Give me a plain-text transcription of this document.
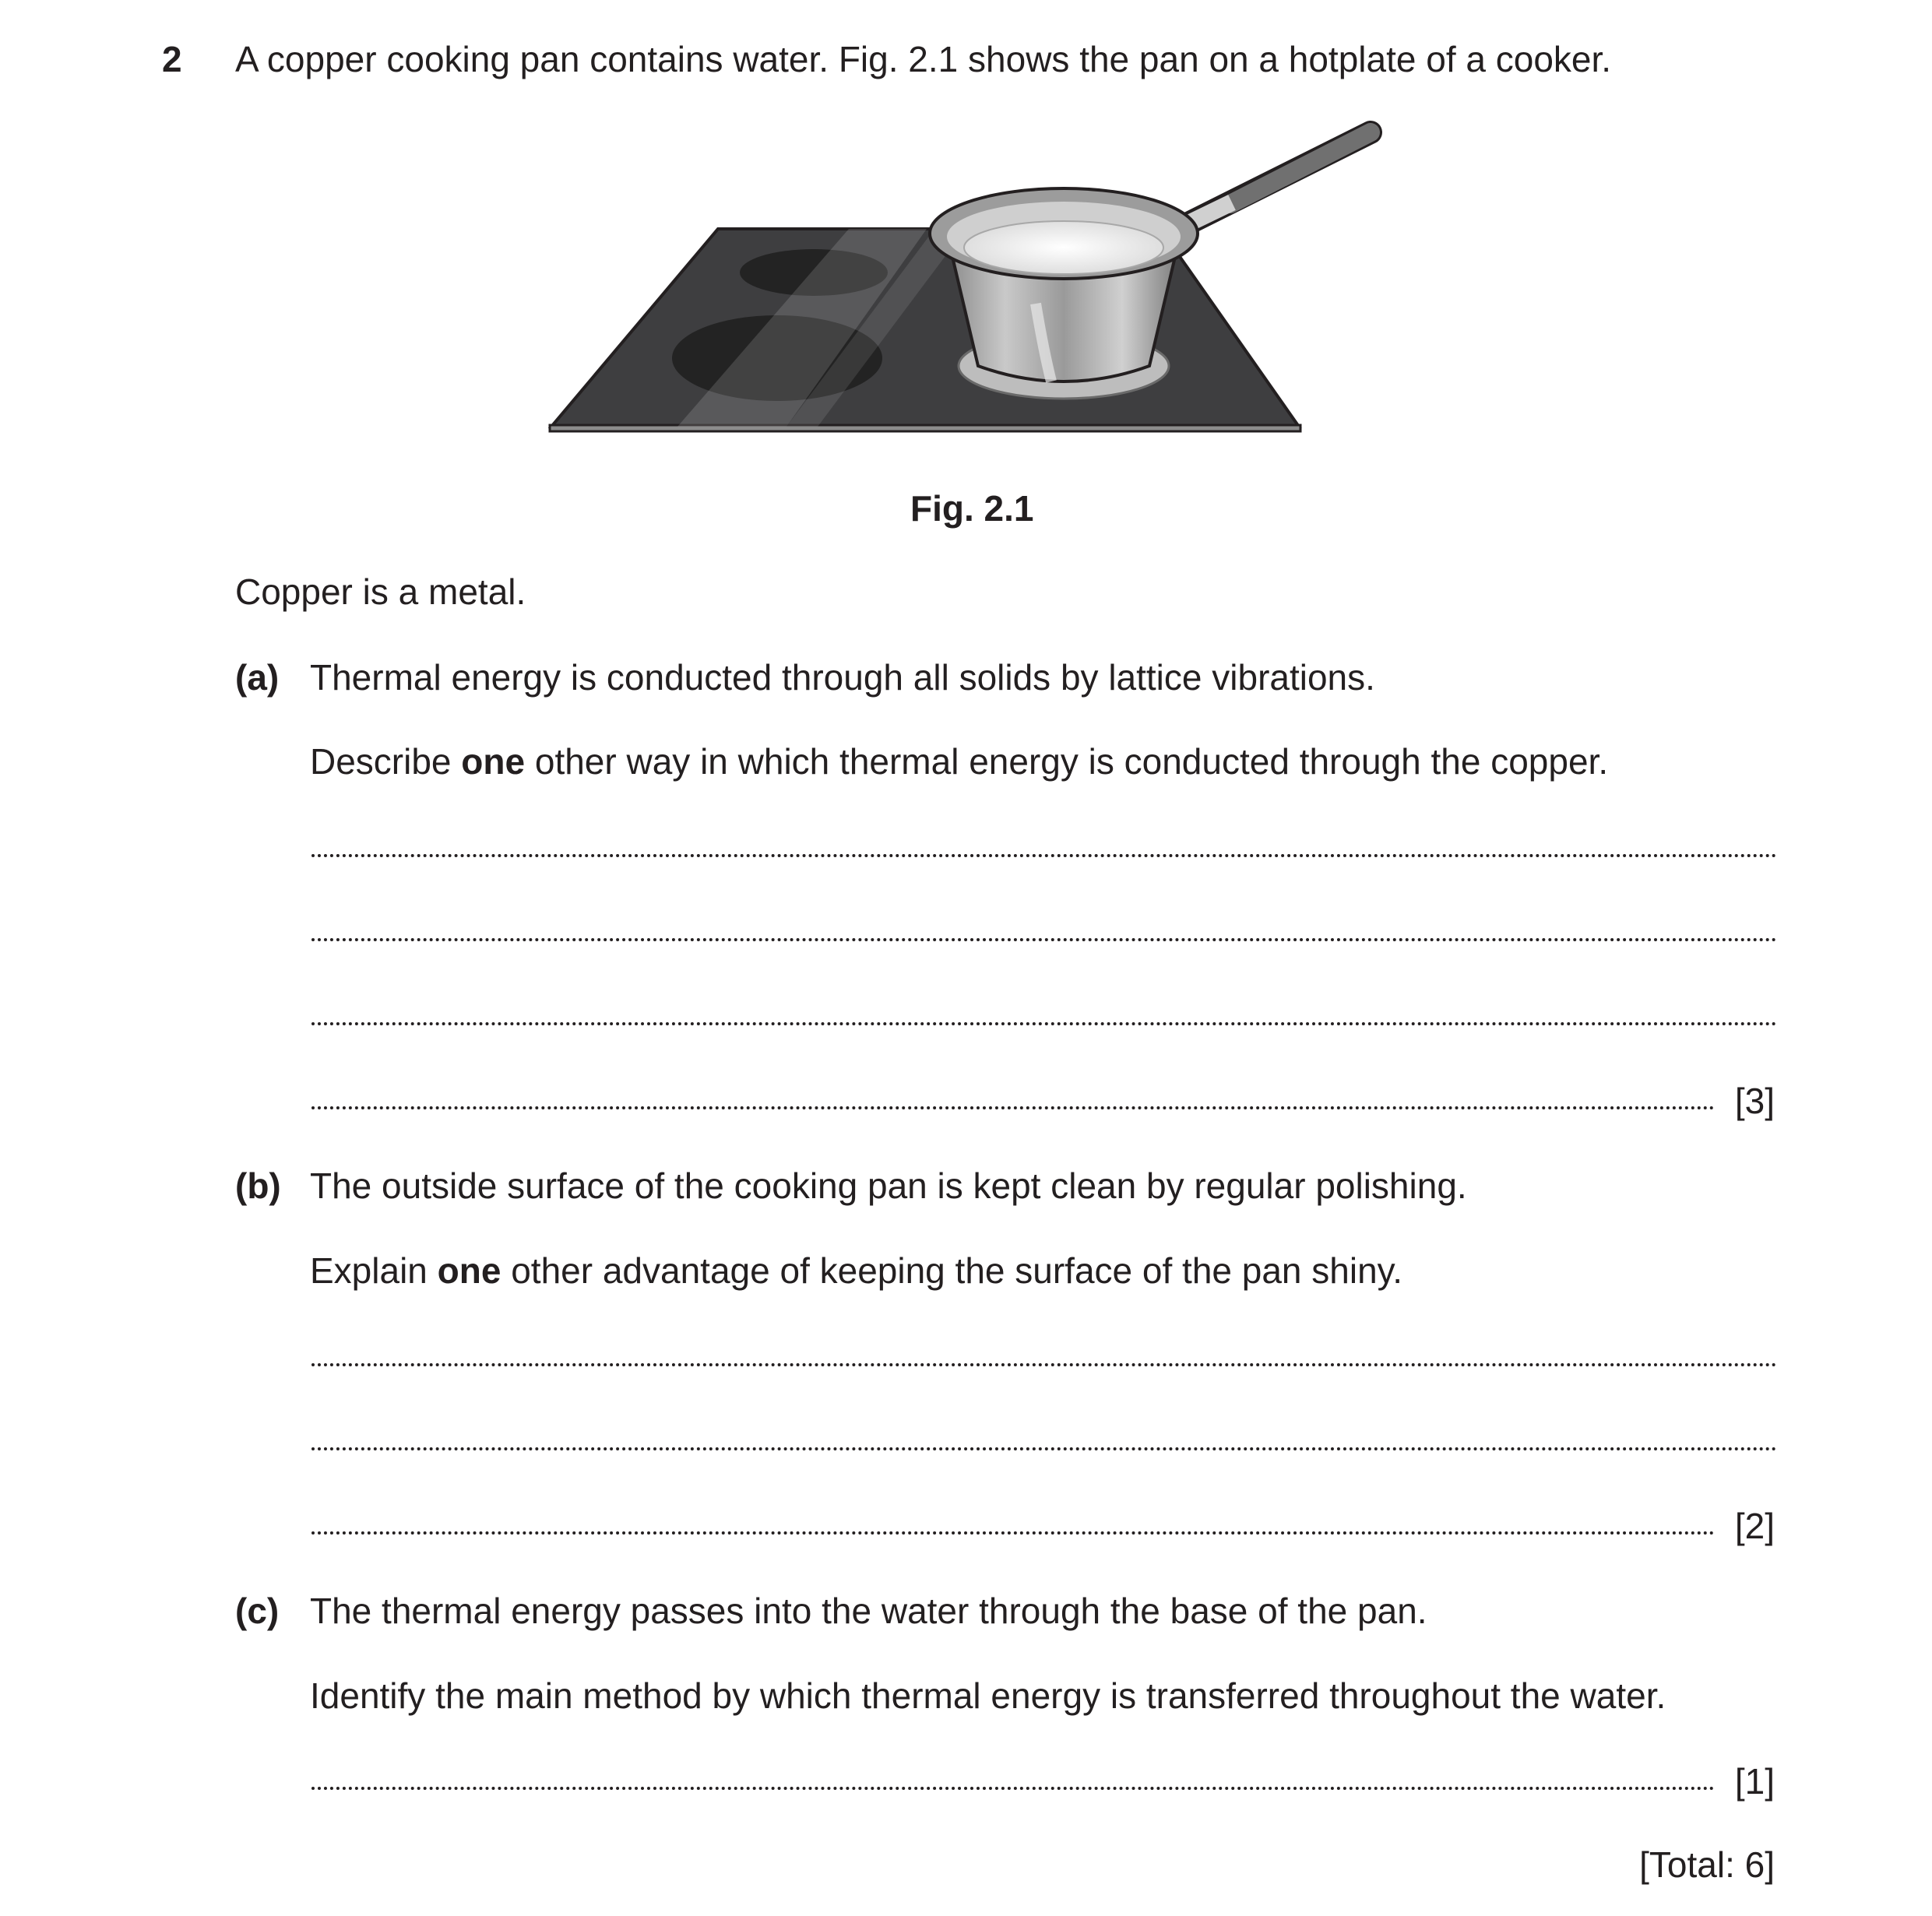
2 A copper cooking pan contains water. Fig. 2.1 shows the pan on a hotplate of a cooker.
Fig. 2.1
Copper is a metal.
(a) Thermal energy is conducted through all solids by lattice vibrations.
Describe one other way in which thermal energy is conducted through the copper.
[3]
(b) The outside surface of the cooking pan is kept clean by regular polishing.
Explain one other advantage of keeping the surface of the pan shiny.
[2]
(c) The thermal energy passes into the water through the base of the pan.
Identify the main method by which thermal energy is transferred throughout the water.
[1]
[Total: 6]
